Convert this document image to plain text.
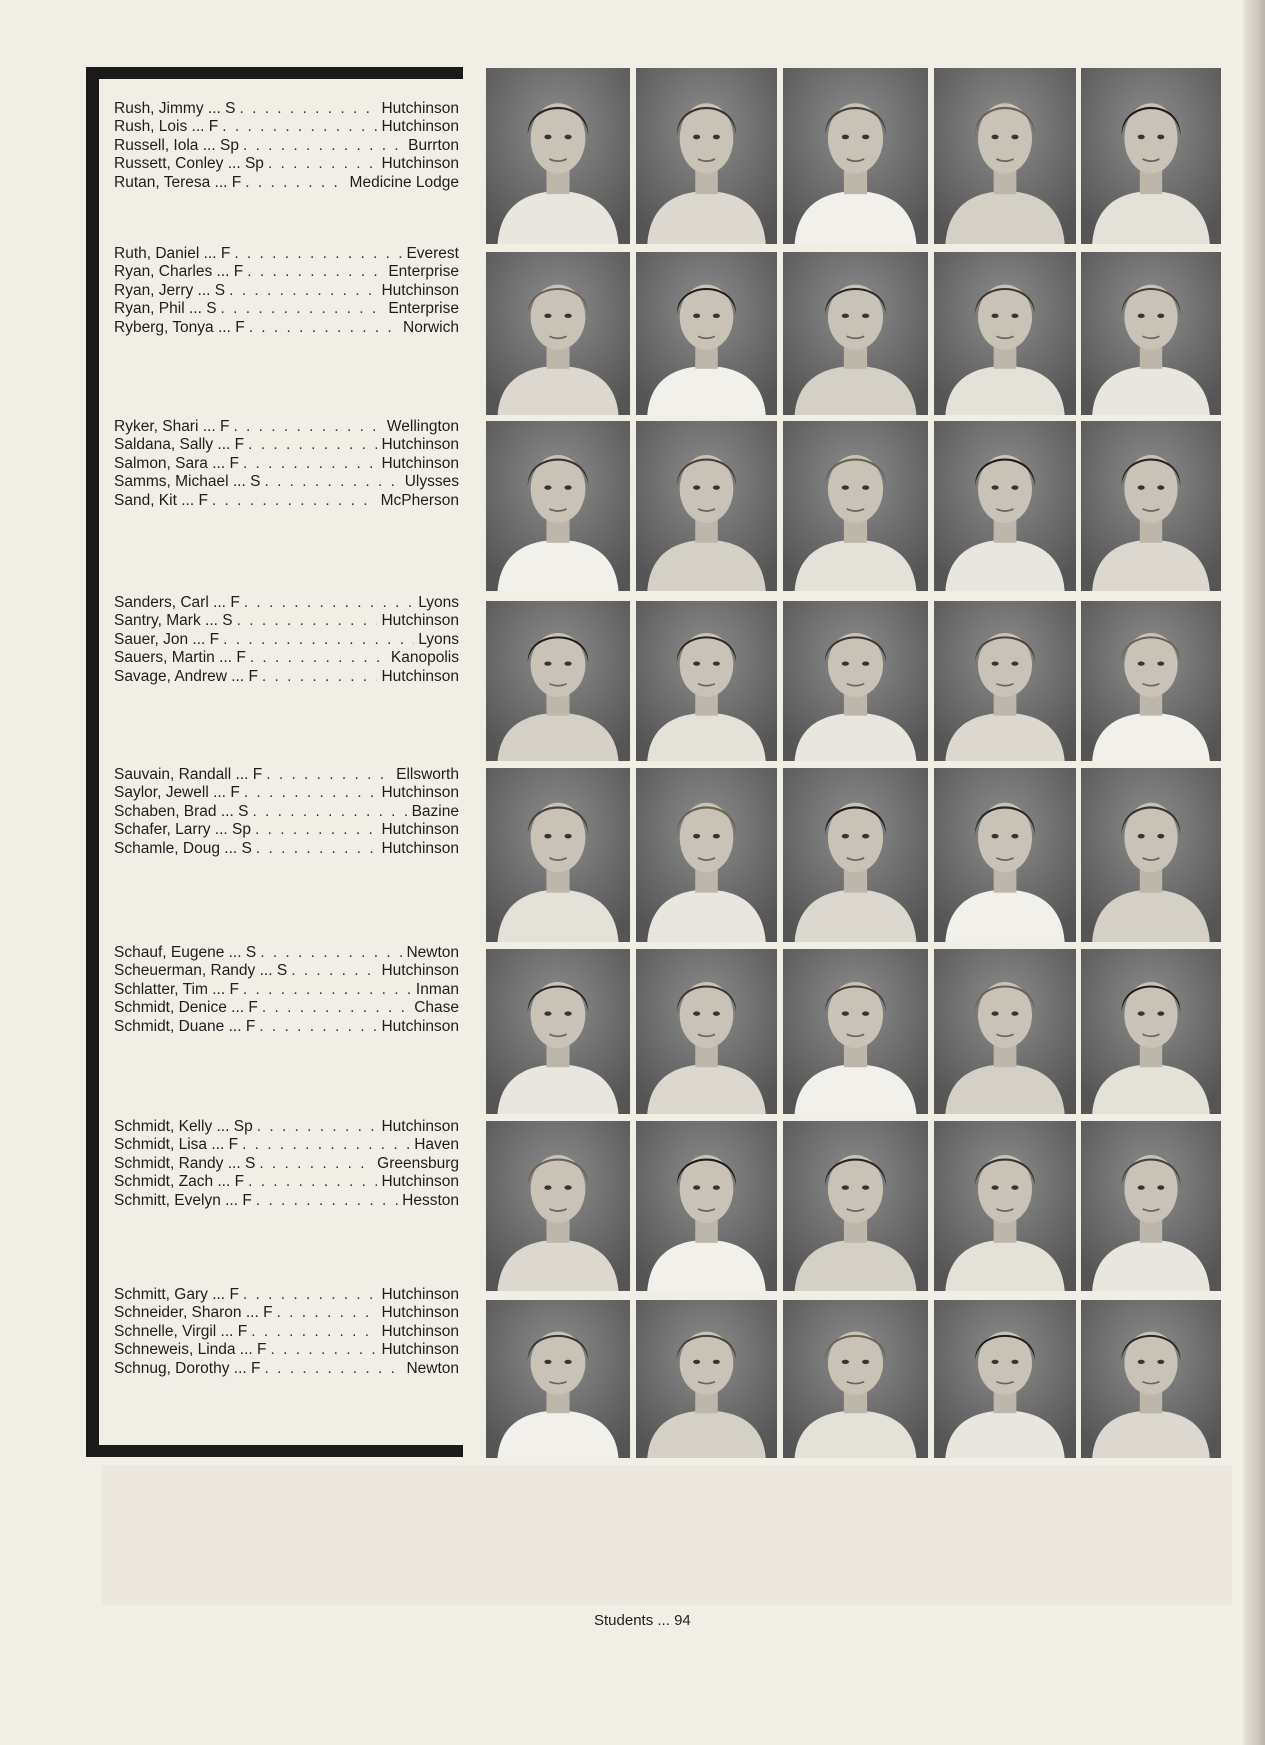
Rush, Jimmy ... S . . .	Hutchinson
Rush, Lois ... F . . .	Hutchinson
Russell, Iola ... Sp . . .	Burrton
Russett, Conley ... Sp . . .	Hutchinson
Rutan, Teresa ... F . . .	Medicine Lodge
Ruth, Daniel ... F . . .	Everest
Ryan, Charles ... F . . .	Enterprise
Ryan, Jerry ... S . . .	Hutchinson
Ryan, Phil ... S . . .	Enterprise
Ryberg, Tonya ... F . . .	Norwich
Ryker, Shari ... F . . .	Wellington
Saldana, Sally ... F . . .	Hutchinson
Salmon, Sara ... F . . .	Hutchinson
Samms, Michael ... S . . .	Ulysses
Sand, Kit ... F . . .	McPherson
Sanders, Carl ... F . . .	Lyons
Santry, Mark ... S . . .	Hutchinson
Sauer, Jon ... F . . .	Lyons
Sauers, Martin ... F . . .	Kanopolis
Savage, Andrew ... F . . .	Hutchinson
Sauvain, Randall ... F . . .	Ellsworth
Saylor, Jewell ... F . . .	Hutchinson
Schaben, Brad ... S . . .	Bazine
Schafer, Larry ... Sp . . .	Hutchinson
Schamle, Doug ... S . . .	Hutchinson
Schauf, Eugene ... S . . .	Newton
Scheuerman, Randy ... S . . .	Hutchinson
Schlatter, Tim ... F . . .	Inman
Schmidt, Denice ... F . . .	Chase
Schmidt, Duane ... F . . .	Hutchinson
Schmidt, Kelly ... Sp . . .	Hutchinson
Schmidt, Lisa ... F . . .	Haven
Schmidt, Randy ... S . . .	Greensburg
Schmidt, Zach ... F . . .	Hutchinson
Schmitt, Evelyn ... F . . .	Hesston
Schmitt, Gary ... F . . .	Hutchinson
Schneider, Sharon ... F . . .	Hutchinson
Schnelle, Virgil ... F . . .	Hutchinson
Schneweis, Linda ... F . . .	Hutchinson
Schnug, Dorothy ... F . . .	Newton
Students ... 94
